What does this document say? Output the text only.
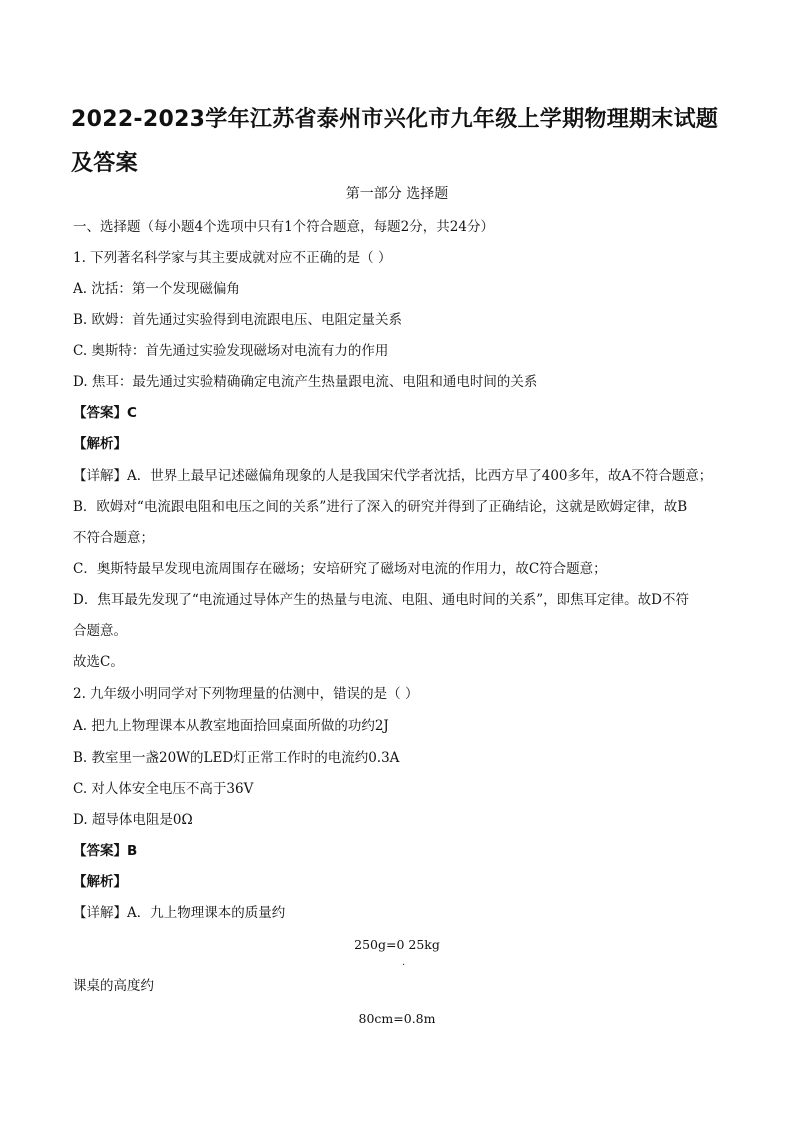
2022-2023学年江苏省泰州市兴化市九年级上学期物理期末试题及答案
第一部分 选择题
一、选择题（每小题4个选项中只有1个符合题意，每题2分，共24分）
1. 下列著名科学家与其主要成就对应不正确的是（ ）
A. 沈括：第一个发现磁偏角
B. 欧姆：首先通过实验得到电流跟电压、电阻定量关系
C. 奥斯特：首先通过实验发现磁场对电流有力的作用
D. 焦耳：最先通过实验精确确定电流产生热量跟电流、电阻和通电时间的关系
【答案】C
【解析】
【详解】A．世界上最早记述磁偏角现象的人是我国宋代学者沈括，比西方早了400多年，故A不符合题意；
B．欧姆对“电流跟电阻和电压之间的关系”进行了深入的研究并得到了正确结论，这就是欧姆定律，故B
不符合题意；
C．奥斯特最早发现电流周围存在磁场；安培研究了磁场对电流的作用力，故C符合题意；
D．焦耳最先发现了“电流通过导体产生的热量与电流、电阻、通电时间的关系”，即焦耳定律。故D不符
合题意。
故选C。
2. 九年级小明同学对下列物理量的估测中，错误的是（ ）
A. 把九上物理课本从教室地面拾回桌面所做的功约2J
B. 教室里一盏20W的LED灯正常工作时的电流约0.3A
C. 对人体安全电压不高于36V
D. 超导体电阻是0Ω
【答案】B
【解析】
【详解】A．九上物理课本的质量约
250g=0 25kg
.
课桌的高度约
80cm=0.8m
